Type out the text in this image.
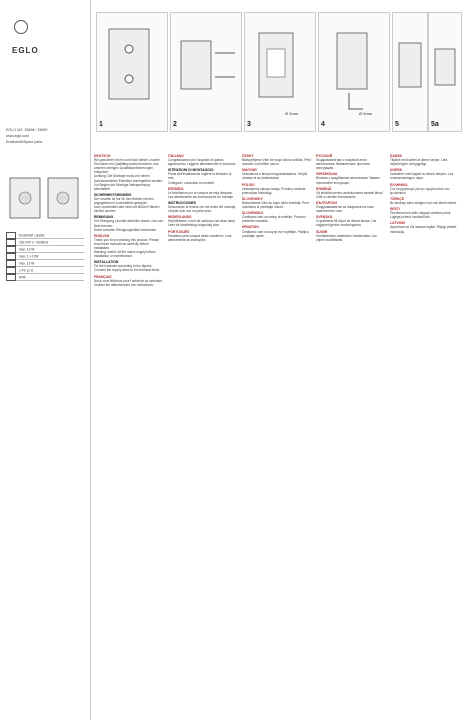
EGLO
EGLO NO. 33698 / 33699
www.eglo.com
Ersatzteile/Spare parts
Kunststoff / plastic
230-240 V~ 50/60Hz
max. 12 W
max. 1 x 12W
max. 12 W
1 PC (1 x)
IP44
1	2	3
Ø 9mm
4
Ø 6mm
5	5a
DEUTSCH
Wir gratulieren Ihnen zum Kauf dieser Leuchte. Sie haben ein Qualitätsprodukt erworben, das unseren strengen Qualitätsanforderungen entspricht.
Achtung: Die Montage muss von einem konzessionierten Elektriker durchgeführt werden. Vor Beginn der Montage Netzspannung abschalten!
SICHERHEITSHINWEIS
Die Leuchte ist nur für den Betrieb mit den angegebenen Leuchtmitteln geeignet.
Das Leuchtmittel darf nicht mit bloßen Händen berührt werden.
REINIGUNG
Vor Reinigung Leuchte abkühlen lassen und vom Netz trennen.
Keine scharfen Reinigungsmittel verwenden.
ENGLISH
Thank you for purchasing this product. Please read these instructions carefully before installation.
Warning: switch off the mains supply before installation or maintenance.
INSTALLATION
Fix the luminaire according to the figures. Connect the supply wires to the terminal block.
FRANÇAIS
Nous vous félicitons pour l'achat de ce luminaire. Veuillez lire attentivement ces instructions.
ITALIANO
Congratulazioni per l'acquisto di questo apparecchio. Leggere attentamente le istruzioni.
ISTRUZIONI DI MONTAGGIO
Prima dell'installazione togliere la tensione di rete.
Collegare i conduttori ai morsetti.
ESPAÑOL
Le felicitamos por la compra de esta lámpara. Lea atentamente las instrucciones de montaje.
INSTRUCCIONES
Desconecte la tensión de red antes del montaje.
Limpiar sólo con un paño seco.
NEDERLANDS
Wij feliciteren u met de aankoop van deze lamp. Lees de handleiding zorgvuldig door.
PORTUGUÊS
Parabéns pela compra deste candeeiro. Leia atentamente as instruções.
ČESKY
Blahopřejeme Vám ke koupi tohoto svítidla. Před montáží si přečtěte návod.
MAGYAR
Gratulálunk a lámpa megvásárlásához. Kérjük olvassa el az utasításokat.
POLSKI
Gratulujemy zakupu lampy. Prosimy uważnie przeczytać instrukcję.
SLOVENSKY
Blahoželáme Vám ku kúpe tohto svietidla. Pred montážou si prečítajte návod.
SLOVENSKO
Čestitamo vam za nakup te svetilke. Pozorno preberite navodila.
HRVATSKI
Čestitamo vam na kupnji ove svjetiljke. Pažljivo pročitajte upute.
РУССКИЙ
Поздравляем вас с покупкой этого светильника. Внимательно прочтите инструкцию.
УКРАЇНСЬКА
Вітаємо з придбанням світильника. Уважно прочитайте інструкцію.
ROMÂNĂ
Vă felicităm pentru achiziționarea acestei lămpi. Citiți cu atenție instrucțiunile.
БЪЛГАРСКИ
Поздравяваме ви за покупката на това осветително тяло.
SVENSKA
Vi gratulerar till köpet av denna lampa. Läs noggrant igenom anvisningarna.
SUOMI
Onnittelemme valaisimen hankinnasta. Lue ohjeet huolellisesti.
DANSK
Tillykke med købet af denne lampe. Læs vejledningen omhyggeligt.
NORSK
Gratulerer med kjøpet av denne lampen. Les bruksanvisningen nøye.
ΕΛΛΗΝΙΚΑ
Σας συγχαίρουμε για την αγορά αυτού του φωτιστικού.
TÜRKÇE
Bu lambayı satın aldığınız için sizi tebrik ederiz.
EESTI
Õnnitleme teid selle valgusti ostmise puhul. Lugege juhend hoolikalt läbi.
LATVISKI
Apsveicam ar šīs lampas iegādi. Rūpīgi izlasiet instrukciju.
